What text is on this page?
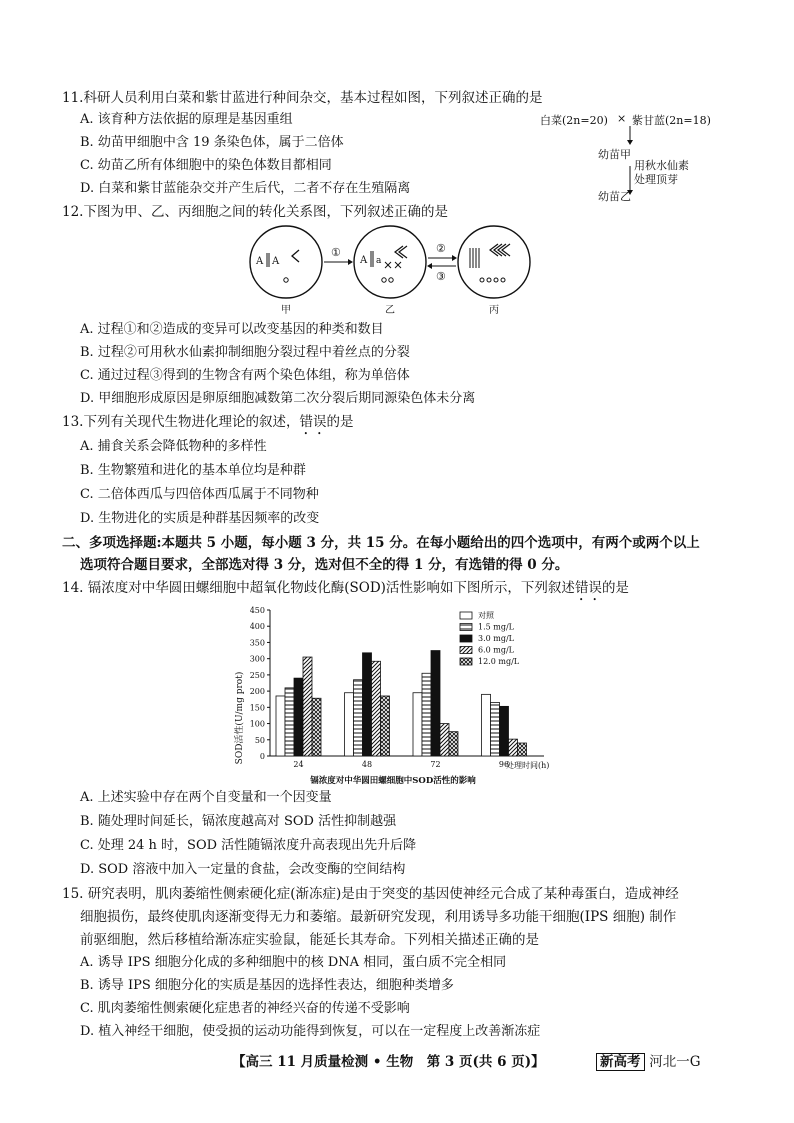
11.科研人员利用白菜和紫甘蓝进行种间杂交，基本过程如图，下列叙述正确的是
A. 该育种方法依据的原理是基因重组
B. 幼苗甲细胞中含 19 条染色体，属于二倍体
C. 幼苗乙所有体细胞中的染色体数目都相同
D. 白菜和紫甘蓝能杂交并产生后代，二者不存在生殖隔离
白菜(2n=20) × 紫甘蓝(2n=18)
幼苗甲
用秋水仙素
处理顶芽
幼苗乙
12.下图为甲、乙、丙细胞之间的转化关系图，下列叙述正确的是
A A
①
A a
②
③
甲	乙	丙
A. 过程①和②造成的变异可以改变基因的种类和数目
B. 过程②可用秋水仙素抑制细胞分裂过程中着丝点的分裂
C. 通过过程③得到的生物含有两个染色体组，称为单倍体
D. 甲细胞形成原因是卵原细胞减数第二次分裂后期同源染色体未分离
13.下列有关现代生物进化理论的叙述，错误的是
A. 捕食关系会降低物种的多样性
B. 生物繁殖和进化的基本单位均是种群
C. 二倍体西瓜与四倍体西瓜属于不同物种
D. 生物进化的实质是种群基因频率的改变
二、多项选择题:本题共 5 小题，每小题 3 分，共 15 分。在每小题给出的四个选项中，有两个或两个以上
选项符合题目要求，全部选对得 3 分，选对但不全的得 1 分，有选错的得 0 分。
14. 镉浓度对中华圆田螺细胞中超氧化物歧化酶(SOD)活性影响如下图所示，下列叙述错误的是
0
50
100
150
200
250
300
350
400
450
24	48	72	96
对照
1.5 mg/L
3.0 mg/L
6.0 mg/L
12.0 mg/L
SOD活性(U/mg prot)
处理时间(h)
镉浓度对中华圆田螺细胞中SOD活性的影响
A. 上述实验中存在两个自变量和一个因变量
B. 随处理时间延长，镉浓度越高对 SOD 活性抑制越强
C. 处理 24 h 时，SOD 活性随镉浓度升高表现出先升后降
D. SOD 溶液中加入一定量的食盐，会改变酶的空间结构
15. 研究表明，肌肉萎缩性侧索硬化症(渐冻症)是由于突变的基因使神经元合成了某种毒蛋白，造成神经
细胞损伤，最终使肌肉逐渐变得无力和萎缩。最新研究发现，利用诱导多功能干细胞(IPS 细胞) 制作
前驱细胞，然后移植给渐冻症实验鼠，能延长其寿命。下列相关描述正确的是
A. 诱导 IPS 细胞分化成的多种细胞中的核 DNA 相同，蛋白质不完全相同
B. 诱导 IPS 细胞分化的实质是基因的选择性表达，细胞种类增多
C. 肌肉萎缩性侧索硬化症患者的神经兴奋的传递不受影响
D. 植入神经干细胞，使受损的运动功能得到恢复，可以在一定程度上改善渐冻症
【高三 11 月质量检测 • 生物　第 3 页(共 6 页)】	新高考 河北一G
